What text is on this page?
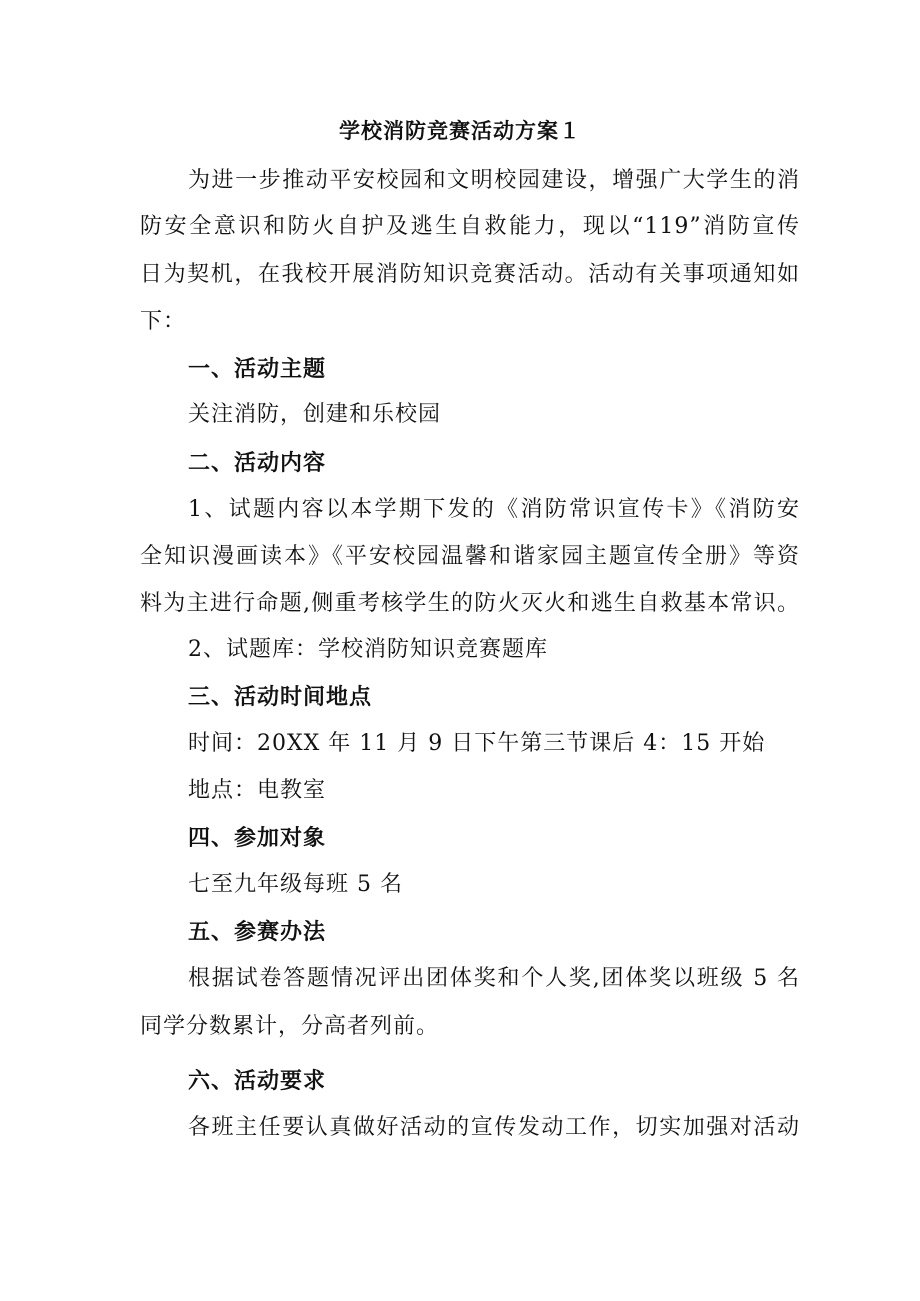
学校消防竞赛活动方案１
为进一步推动平安校园和文明校园建设，增强广大学生的消
防安全意识和防火自护及逃生自救能力，现以“119”消防宣传
日为契机，在我校开展消防知识竞赛活动。活动有关事项通知如
下：
一、活动主题
关注消防，创建和乐校园
二、活动内容
1、试题内容以本学期下发的《消防常识宣传卡》《消防安
全知识漫画读本》《平安校园温馨和谐家园主题宣传全册》等资
料为主进行命题,侧重考核学生的防火灭火和逃生自救基本常识。
2、试题库：学校消防知识竞赛题库
三、活动时间地点
时间：20XX 年 11 月 9 日下午第三节课后 4：15 开始
地点：电教室
四、参加对象
七至九年级每班 5 名
五、参赛办法
根据试卷答题情况评出团体奖和个人奖,团体奖以班级 5 名
同学分数累计，分高者列前。
六、活动要求
各班主任要认真做好活动的宣传发动工作，切实加强对活动
